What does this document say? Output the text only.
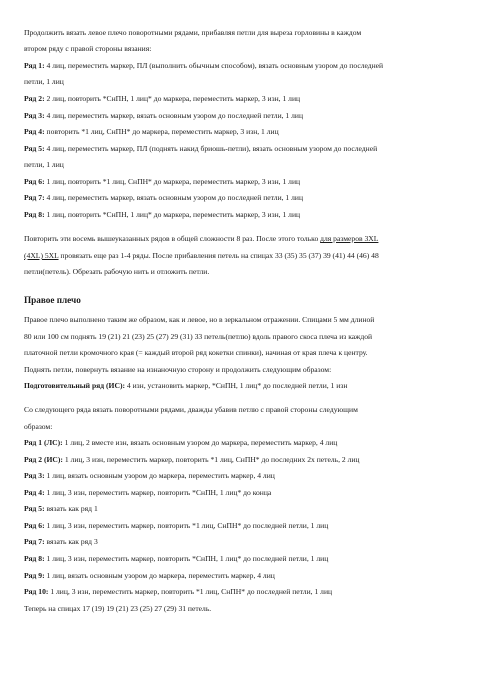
Продолжить вязать левое плечо поворотными рядами, прибавляя петли для выреза горловины в каждом
втором ряду с правой стороны вязания:
Ряд 1: 4 лиц, переместить маркер, ПЛ (выполнить обычным способом), вязать основным узором до последней
петли, 1 лиц
Ряд 2: 2 лиц, повторить *СнПН, 1 лиц* до маркера, переместить маркер, 3 изн, 1 лиц
Ряд 3: 4 лиц, переместить маркер, вязать основным узором до последней петли, 1 лиц
Ряд 4: повторить *1 лиц, СнПН* до маркера, переместить маркер, 3 изн, 1 лиц
Ряд 5: 4 лиц, переместить маркер, ПЛ (поднять накид бриошь-петли), вязать основным узором до последней
петли, 1 лиц
Ряд 6: 1 лиц, повторить *1 лиц, СнПН* до маркера, переместить маркер, 3 изн, 1 лиц
Ряд 7: 4 лиц, переместить маркер, вязать основным узором до последней петли, 1 лиц
Ряд 8: 1 лиц, повторить *СнПН, 1 лиц* до маркера, переместить маркер, 3 изн, 1 лиц
Повторить эти восемь вышеуказанных рядов в общей сложности 8 раз. После этого только для размеров 3XL
(4XL) 5XL провязать еще раз 1-4 ряды. После прибавления петель на спицах 33 (35) 35 (37) 39 (41) 44 (46) 48
петли(петель). Обрезать рабочую нить и отложить петли.
Правое плечо
Правое плечо выполнено таким же образом, как и левое, но в зеркальном отражении. Спицами 5 мм длиной
80 или 100 см поднять 19 (21) 21 (23) 25 (27) 29 (31) 33 петель(петлю) вдоль правого скоса плеча из каждой
платочной петли кромочного края (= каждый второй ряд кокетки спинки), начиная от края плеча к центру.
Поднять петли, повернуть вязание на изнаночную сторону и продолжить следующим образом:
Подготовительный ряд (ИС): 4 изн, установить маркер, *СнПН, 1 лиц* до последней петли, 1 изн
Со следующего ряда вязать поворотными рядами, дважды убавив петлю с правой стороны следующим
образом:
Ряд 1 (ЛС): 1 лиц, 2 вместе изн, вязать основным узором до маркера, переместить маркер, 4 лиц
Ряд 2 (ИС): 1 лиц, 3 изн, переместить маркер, повторить *1 лиц, СнПН* до последних 2х петель, 2 лиц
Ряд 3: 1 лиц, вязать основным узором до маркера, переместить маркер, 4 лиц
Ряд 4: 1 лиц, 3 изн, переместить маркер, повторить *СнПН, 1 лиц* до конца
Ряд 5: вязать как ряд 1
Ряд 6: 1 лиц, 3 изн, переместить маркер, повторить *1 лиц, СнПН* до последней петли, 1 лиц
Ряд 7: вязать как ряд 3
Ряд 8: 1 лиц, 3 изн, переместить маркер, повторить *СнПН, 1 лиц* до последней петли, 1 лиц
Ряд 9: 1 лиц, вязать основным узором до маркера, переместить маркер, 4 лиц
Ряд 10: 1 лиц, 3 изн, переместить маркер, повторить *1 лиц, СнПН* до последней петли, 1 лиц
Теперь на спицах 17 (19) 19 (21) 23 (25) 27 (29) 31 петель.
